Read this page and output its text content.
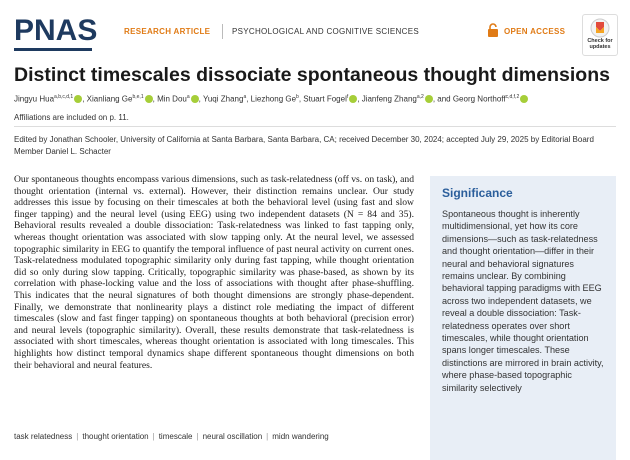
PNAS	RESEARCH ARTICLE	PSYCHOLOGICAL AND COGNITIVE SCIENCES	OPEN ACCESS
Check for
updates
Distinct timescales dissociate spontaneous thought dimensions
Jingyu Hua$^{a,b,c,d,1}$ , Xianliang Ge$^{b,e,1}$ , Min Dou$^a$ , Yuqi Zhang$^a$, Liezhong Ge$^b$, Stuart Fogel$^f$ , Jianfeng Zhang$^{a,2}$ , and Georg Northoff$^{c,d,f,2}$
Affiliations are included on p. 11.
Edited by Jonathan Schooler, University of California at Santa Barbara, Santa Barbara, CA; received December 30, 2024; accepted July 29, 2025 by Editorial Board Member Daniel L. Schacter
Our spontaneous thoughts encompass various dimensions, such as task-relatedness (off vs. on task), and thought orientation (internal vs. external). However, their distinction remains unclear. Our study addresses this issue by focusing on their timescales at both the behavioral level (using fast and slow finger tapping) and the neural level (using EEG) using two independent datasets (N = 84 and 35). Behavioral results revealed a double dissociation: Task-relatedness was linked to fast tapping only, whereas thought orientation was associated with slow tapping only. At the neural level, we assessed topographic similarity in EEG to quantify the temporal influence of past neural activity on current ones. Task-relatedness modulated topographic similarity only during fast tapping, while thought orientation did so only during slow tapping. Critically, topographic similarity was phase-based, as shown by its correlation with phase-locking value and the loss of associations with thought after phase-shuffling. This indicates that the neural signatures of both thought dimensions are strongly phase-dependent. Finally, we demonstrate that nonlinearity plays a distinct role mediating the impact of different timescales (slow and fast finger tapping) on spontaneous thoughts at both behavioral (precision error) and neural levels (topographic similarity). Overall, these results demonstrate that task-relatedness is associated with short timescales, whereas thought orientation is associated with long timescales. This highlights how distinct temporal dynamics shape different spontaneous thought dimensions on both their behavioral and neural features.
task relatedness | thought orientation | timescale | neural oscillation | midn wandering
Significance
Spontaneous thought is inherently multidimensional, yet how its core dimensions—such as task-relatedness and thought orientation—differ in their neural and behavioral signatures remains unclear. By combining behavioral tapping paradigms with EEG across two independent datasets, we reveal a double dissociation: Task-relatedness operates over short timescales, while thought orientation spans longer timescales. These distinctions are mirrored in brain activity, where phase-based topographic similarity selectively
